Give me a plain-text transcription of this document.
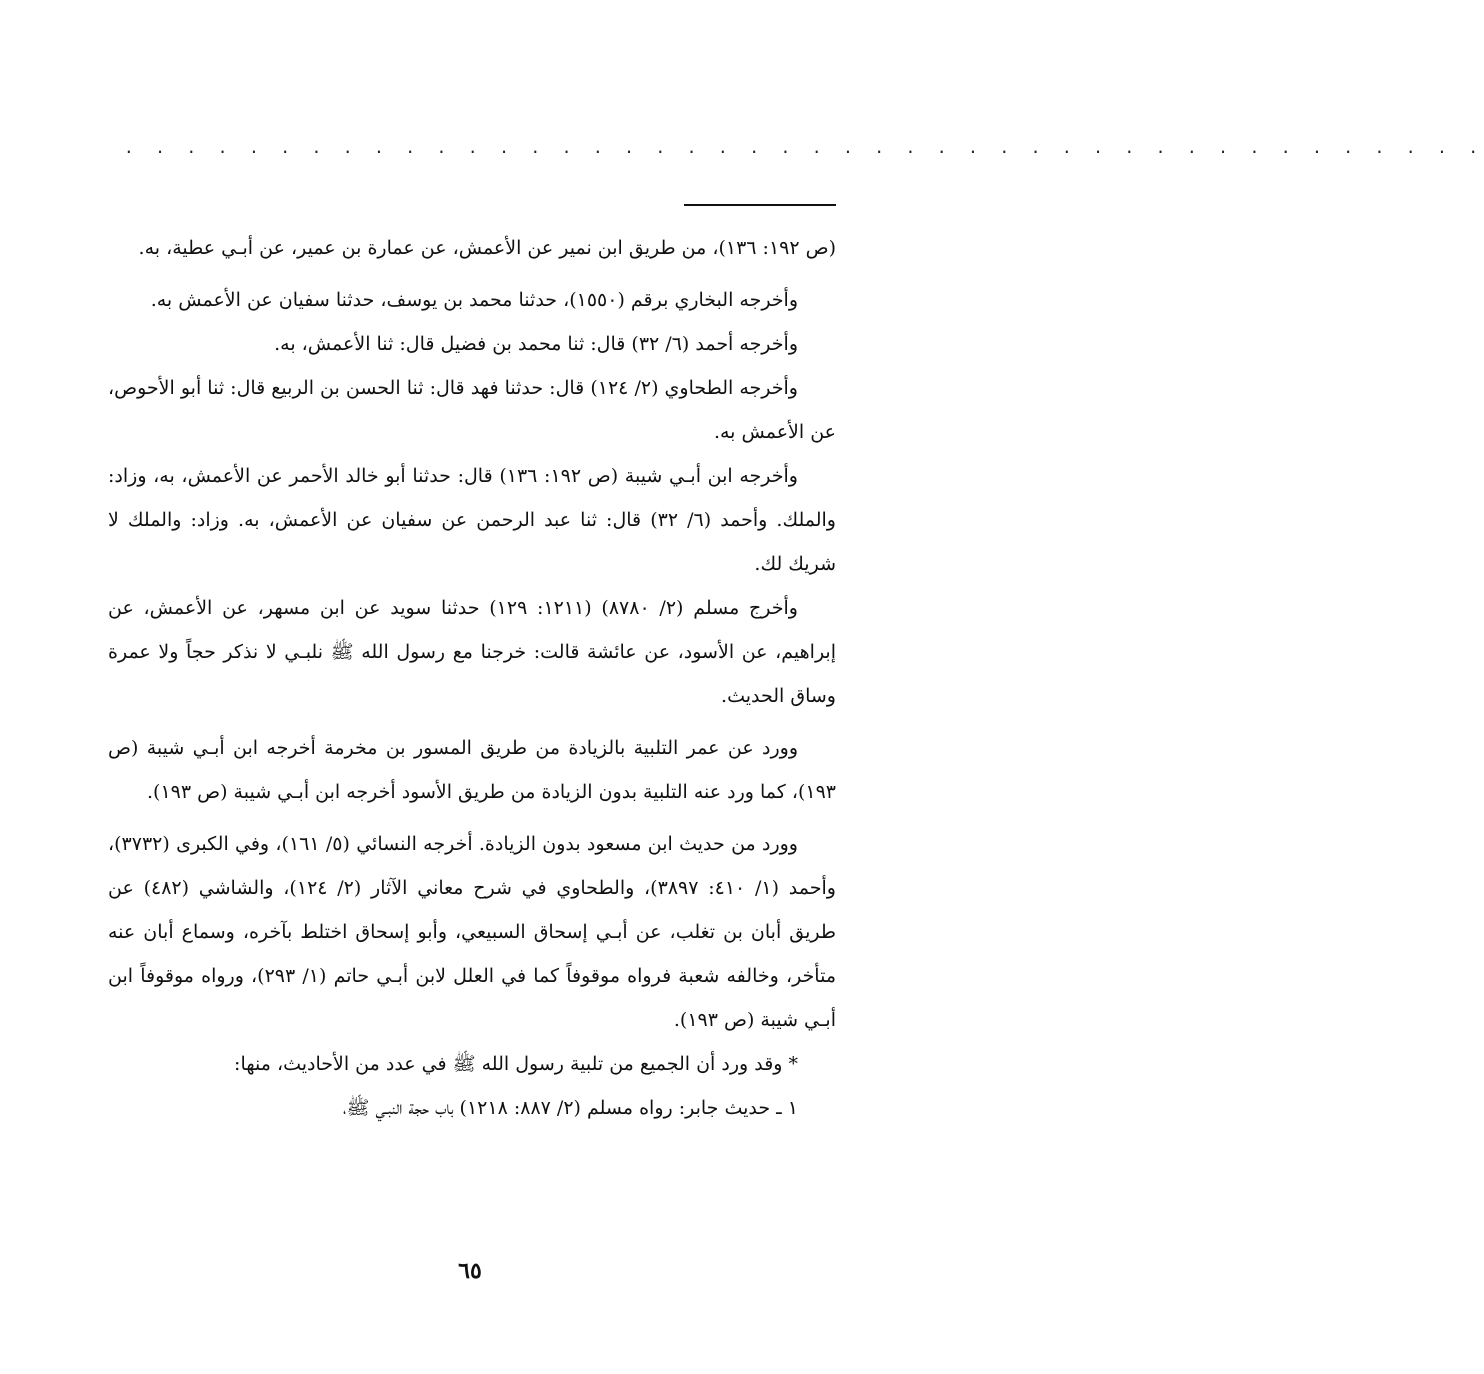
. . . . . . . . . . . . . . . . . . . . . . . . . . . . . . . . . . . . . . . . . . . .

(ص ١٩٢: ١٣٦)، من طريق ابن نمير عن الأعمش، عن عمارة بن عمير، عن أبـي عطية، به.

وأخرجه البخاري برقم (١٥٥٠)، حدثنا محمد بن يوسف، حدثنا سفيان عن الأعمش به.

وأخرجه أحمد (٦/ ٣٢) قال: ثنا محمد بن فضيل قال: ثنا الأعمش، به.

وأخرجه الطحاوي (٢/ ١٢٤) قال: حدثنا فهد قال: ثنا الحسن بن الربيع قال: ثنا أبو الأحوص، عن الأعمش به.

وأخرجه ابن أبـي شيبة (ص ١٩٢: ١٣٦) قال: حدثنا أبو خالد الأحمر عن الأعمش، به، وزاد: والملك. وأحمد (٦/ ٣٢) قال: ثنا عبد الرحمن عن سفيان عن الأعمش، به. وزاد: والملك لا شريك لك.

وأخرج مسلم (٢/ ٨٧٨٠) (١٢١١: ١٢٩) حدثنا سويد عن ابن مسهر، عن الأعمش، عن إبراهيم، عن الأسود، عن عائشة قالت: خرجنا مع رسول الله ﷺ نلبـي لا نذكر حجاً ولا عمرة وساق الحديث.

وورد عن عمر التلبية بالزيادة من طريق المسور بن مخرمة أخرجه ابن أبـي شيبة (ص ١٩٣)، كما ورد عنه التلبية بدون الزيادة من طريق الأسود أخرجه ابن أبـي شيبة (ص ١٩٣).

وورد من حديث ابن مسعود بدون الزيادة. أخرجه النسائي (٥/ ١٦١)، وفي الكبرى (٣٧٣٢)، وأحمد (١/ ٤١٠: ٣٨٩٧)، والطحاوي في شرح معاني الآثار (٢/ ١٢٤)، والشاشي (٤٨٢) عن طريق أبان بن تغلب، عن أبـي إسحاق السبيعي، وأبو إسحاق اختلط بآخره، وسماع أبان عنه متأخر، وخالفه شعبة فرواه موقوفاً كما في العلل لابن أبـي حاتم (١/ ٢٩٣)، ورواه موقوفاً ابن أبـي شيبة (ص ١٩٣).

* وقد ورد أن الجميع من تلبية رسول الله ﷺ في عدد من الأحاديث، منها:

١ ـ حديث جابر: رواه مسلم (٢/ ٨٨٧: ١٢١٨) باب حجة النبـي ﷺ،

٦٥
